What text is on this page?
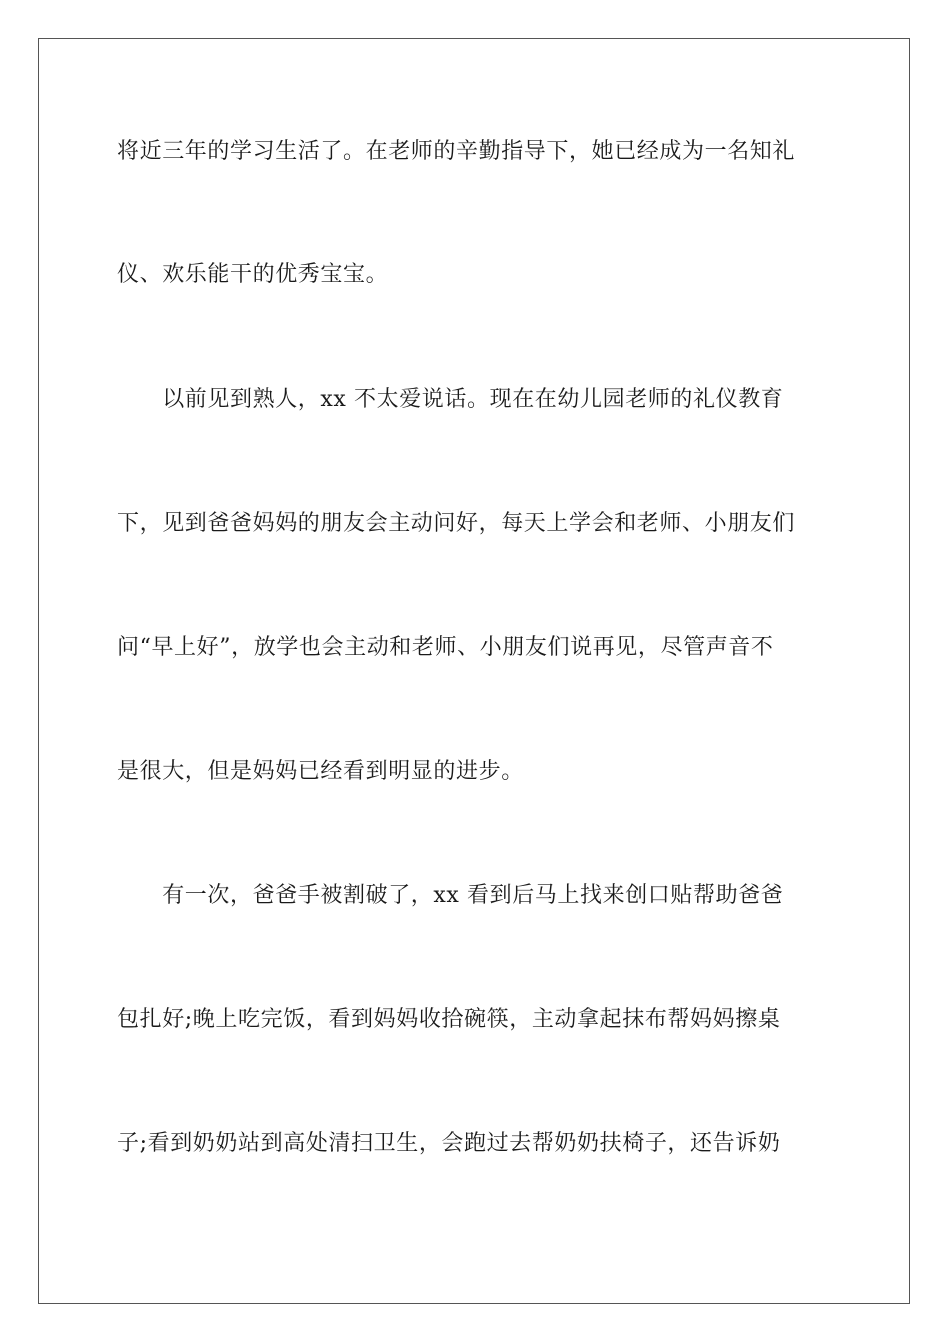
将近三年的学习生活了。在老师的辛勤指导下，她已经成为一名知礼
仪、欢乐能干的优秀宝宝。
　　以前见到熟人，xx 不太爱说话。现在在幼儿园老师的礼仪教育
下，见到爸爸妈妈的朋友会主动问好，每天上学会和老师、小朋友们
问“早上好”，放学也会主动和老师、小朋友们说再见，尽管声音不
是很大，但是妈妈已经看到明显的进步。
　　有一次，爸爸手被割破了，xx 看到后马上找来创口贴帮助爸爸
包扎好;晚上吃完饭，看到妈妈收拾碗筷，主动拿起抹布帮妈妈擦桌
子;看到奶奶站到高处清扫卫生，会跑过去帮奶奶扶椅子，还告诉奶
